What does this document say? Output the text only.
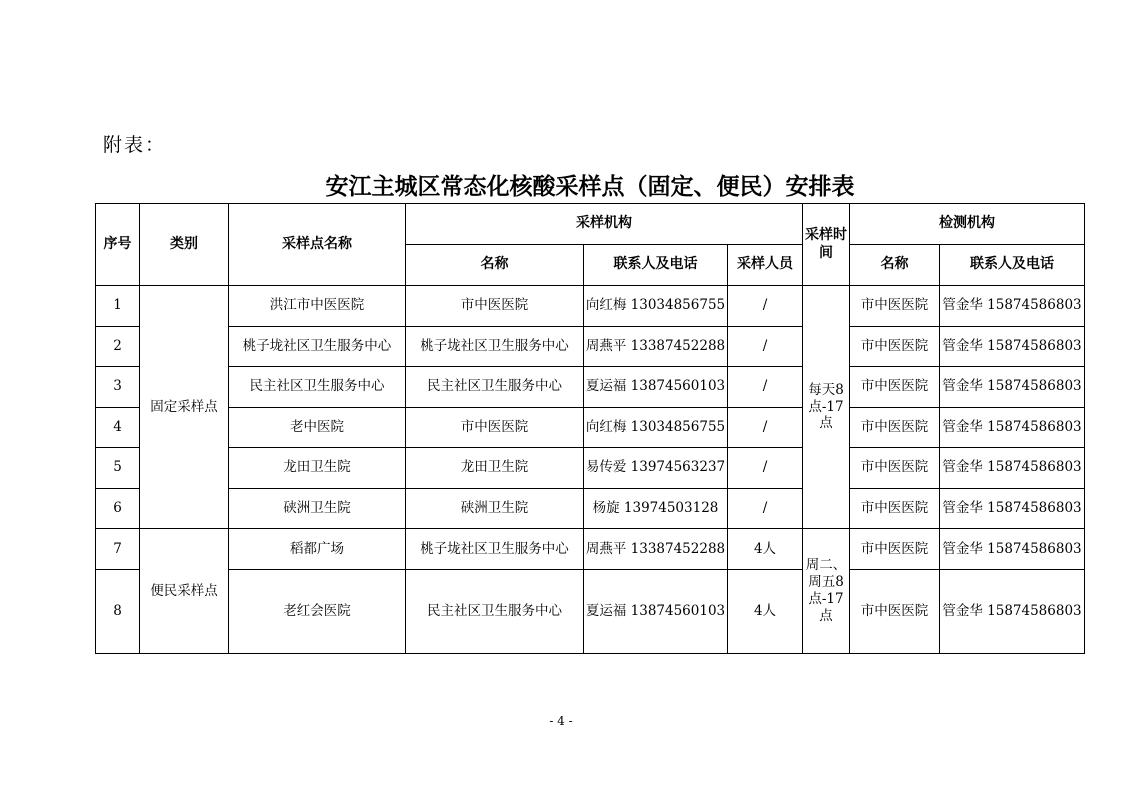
附表：
安江主城区常态化核酸采样点（固定、便民）安排表
序号	类别	采样点名称	采样机构			采样时间	检测机构	
			名称	联系人及电话	采样人员		名称	联系人及电话
1	固定采样点	洪江市中医医院	市中医医院	向红梅 13034856755	/	每天8点-17点	市中医医院	管金华 15874586803
2		桃子垅社区卫生服务中心	桃子垅社区卫生服务中心	周燕平 13387452288	/		市中医医院	管金华 15874586803
3		民主社区卫生服务中心	民主社区卫生服务中心	夏运福 13874560103	/		市中医医院	管金华 15874586803
4		老中医院	市中医医院	向红梅 13034856755	/		市中医医院	管金华 15874586803
5		龙田卫生院	龙田卫生院	易传爱 13974563237	/		市中医医院	管金华 15874586803
6		硖洲卫生院	硖洲卫生院	杨旋 13974503128	/		市中医医院	管金华 15874586803
7	便民采样点	稻都广场	桃子垅社区卫生服务中心	周燕平 13387452288	4人	周二、周五8点-17点	市中医医院	管金华 15874586803
8		老红会医院	民主社区卫生服务中心	夏运福 13874560103	4人		市中医医院	管金华 15874586803
- 4 -
